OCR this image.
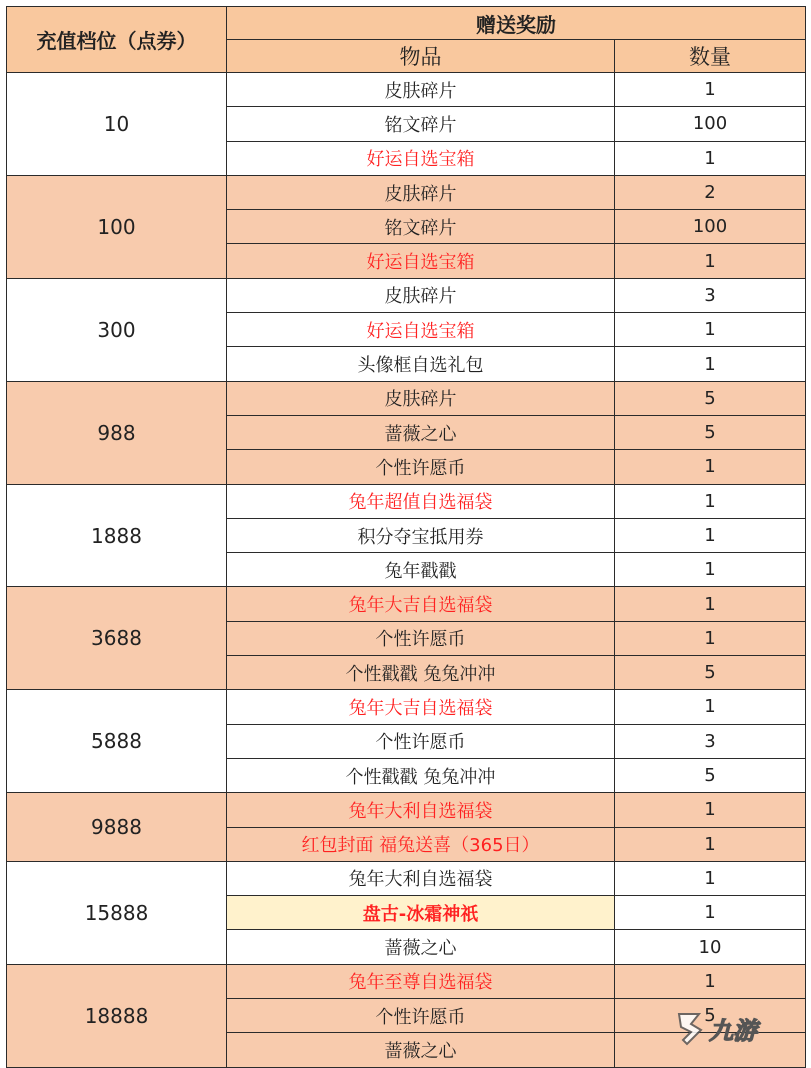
充值档位（点券）	赠送奖励	
	物品	数量
10	皮肤碎片	1
	铭文碎片	100
	好运自选宝箱	1
100	皮肤碎片	2
	铭文碎片	100
	好运自选宝箱	1
300	皮肤碎片	3
	好运自选宝箱	1
	头像框自选礼包	1
988	皮肤碎片	5
	蔷薇之心	5
	个性许愿币	1
1888	兔年超值自选福袋	1
	积分夺宝抵用券	1
	兔年戳戳	1
3688	兔年大吉自选福袋	1
	个性许愿币	1
	个性戳戳 兔兔冲冲	5
5888	兔年大吉自选福袋	1
	个性许愿币	3
	个性戳戳 兔兔冲冲	5
9888	兔年大利自选福袋	1
	红包封面 福兔送喜（365日）	1
15888	兔年大利自选福袋	1
	盘古-冰霜神祇	1
	蔷薇之心	10
18888	兔年至尊自选福袋	1
	个性许愿币	5
	蔷薇之心	
九游
